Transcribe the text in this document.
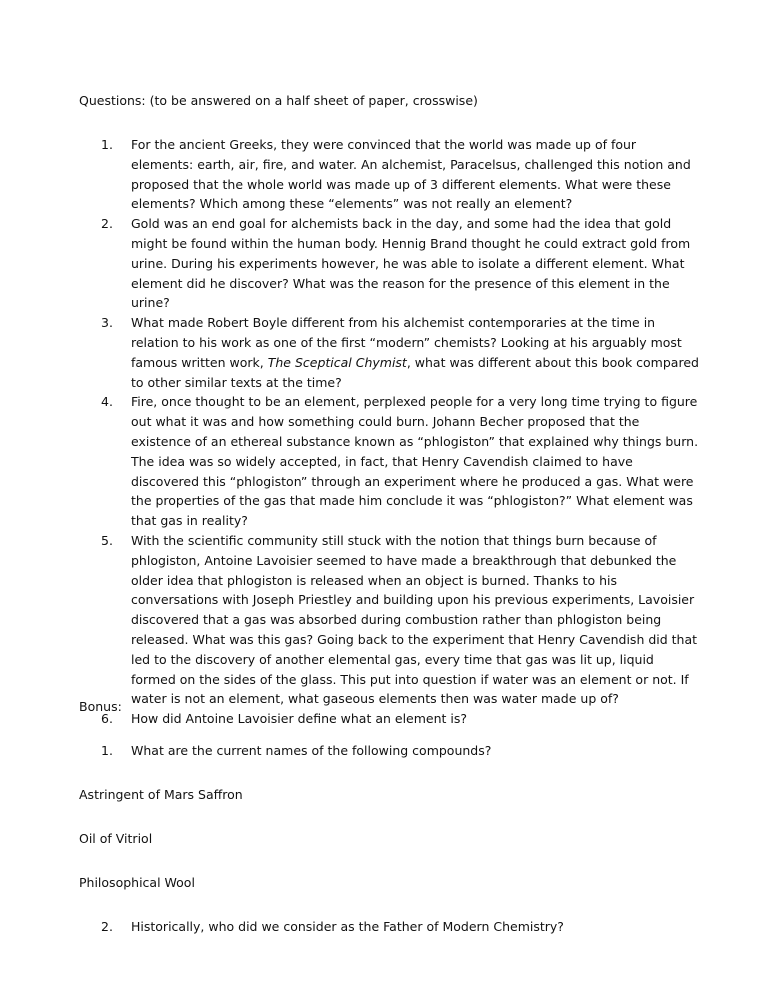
Questions: (to be answered on a half sheet of paper, crosswise)
1. For the ancient Greeks, they were convinced that the world was made up of four elements: earth, air, fire, and water. An alchemist, Paracelsus, challenged this notion and proposed that the whole world was made up of 3 different elements. What were these elements? Which among these “elements” was not really an element?
2. Gold was an end goal for alchemists back in the day, and some had the idea that gold might be found within the human body. Hennig Brand thought he could extract gold from urine. During his experiments however, he was able to isolate a different element. What element did he discover? What was the reason for the presence of this element in the urine?
3. What made Robert Boyle different from his alchemist contemporaries at the time in relation to his work as one of the first “modern” chemists? Looking at his arguably most famous written work, The Sceptical Chymist, what was different about this book compared to other similar texts at the time?
4. Fire, once thought to be an element, perplexed people for a very long time trying to figure out what it was and how something could burn. Johann Becher proposed that the existence of an ethereal substance known as “phlogiston” that explained why things burn. The idea was so widely accepted, in fact, that Henry Cavendish claimed to have discovered this “phlogiston” through an experiment where he produced a gas. What were the properties of the gas that made him conclude it was “phlogiston?” What element was that gas in reality?
5. With the scientific community still stuck with the notion that things burn because of phlogiston, Antoine Lavoisier seemed to have made a breakthrough that debunked the older idea that phlogiston is released when an object is burned. Thanks to his conversations with Joseph Priestley and building upon his previous experiments, Lavoisier discovered that a gas was absorbed during combustion rather than phlogiston being released. What was this gas? Going back to the experiment that Henry Cavendish did that led to the discovery of another elemental gas, every time that gas was lit up, liquid formed on the sides of the glass. This put into question if water was an element or not. If water is not an element, what gaseous elements then was water made up of?
6. How did Antoine Lavoisier define what an element is?
Bonus:
1. What are the current names of the following compounds?
Astringent of Mars Saffron
Oil of Vitriol
Philosophical Wool
2. Historically, who did we consider as the Father of Modern Chemistry?
